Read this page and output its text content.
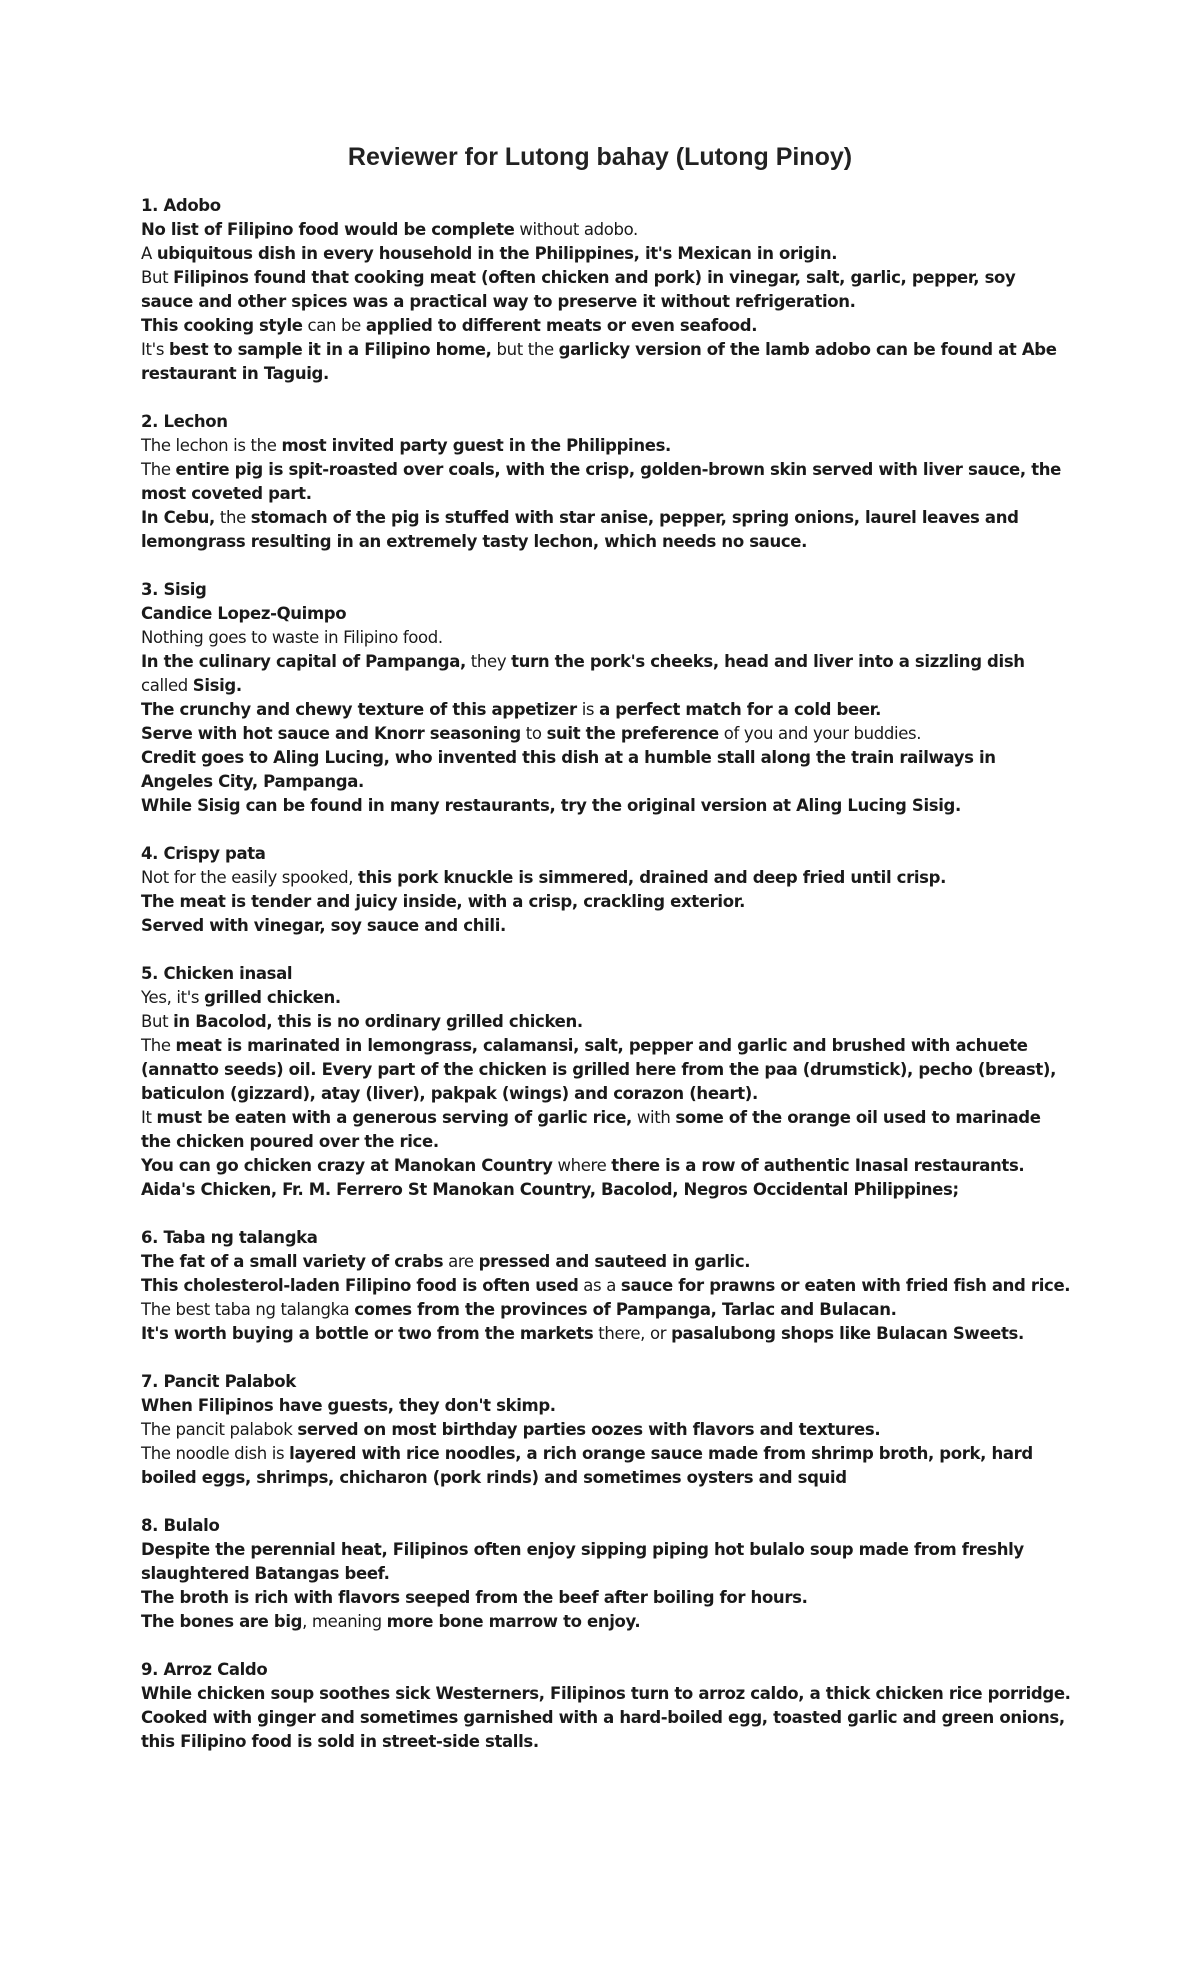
Reviewer for Lutong bahay (Lutong Pinoy)

1. Adobo

No list of Filipino food would be complete without adobo.

A ubiquitous dish in every household in the Philippines, it's Mexican in origin.

But Filipinos found that cooking meat (often chicken and pork) in vinegar, salt, garlic, pepper, soy sauce and other spices was a practical way to preserve it without refrigeration.

This cooking style can be applied to different meats or even seafood.

It's best to sample it in a Filipino home, but the garlicky version of the lamb adobo can be found at Abe restaurant in Taguig.

2. Lechon

The lechon is the most invited party guest in the Philippines.

The entire pig is spit-roasted over coals, with the crisp, golden-brown skin served with liver sauce, the most coveted part.

In Cebu, the stomach of the pig is stuffed with star anise, pepper, spring onions, laurel leaves and lemongrass resulting in an extremely tasty lechon, which needs no sauce.

3. Sisig

Candice Lopez-Quimpo

Nothing goes to waste in Filipino food.

In the culinary capital of Pampanga, they turn the pork's cheeks, head and liver into a sizzling dish called Sisig.

The crunchy and chewy texture of this appetizer is a perfect match for a cold beer.

Serve with hot sauce and Knorr seasoning to suit the preference of you and your buddies.

Credit goes to Aling Lucing, who invented this dish at a humble stall along the train railways in Angeles City, Pampanga.

While Sisig can be found in many restaurants, try the original version at Aling Lucing Sisig.

4. Crispy pata

Not for the easily spooked, this pork knuckle is simmered, drained and deep fried until crisp.

The meat is tender and juicy inside, with a crisp, crackling exterior.

Served with vinegar, soy sauce and chili.

5. Chicken inasal

Yes, it's grilled chicken.

But in Bacolod, this is no ordinary grilled chicken.

The meat is marinated in lemongrass, calamansi, salt, pepper and garlic and brushed with achuete (annatto seeds) oil. Every part of the chicken is grilled here from the paa (drumstick), pecho (breast), baticulon (gizzard), atay (liver), pakpak (wings) and corazon (heart).

It must be eaten with a generous serving of garlic rice, with some of the orange oil used to marinade the chicken poured over the rice.

You can go chicken crazy at Manokan Country where there is a row of authentic Inasal restaurants.

Aida's Chicken, Fr. M. Ferrero St Manokan Country, Bacolod, Negros Occidental Philippines;

6. Taba ng talangka

The fat of a small variety of crabs are pressed and sauteed in garlic.

This cholesterol-laden Filipino food is often used as a sauce for prawns or eaten with fried fish and rice.

The best taba ng talangka comes from the provinces of Pampanga, Tarlac and Bulacan.

It's worth buying a bottle or two from the markets there, or pasalubong shops like Bulacan Sweets.

7. Pancit Palabok

When Filipinos have guests, they don't skimp.

The pancit palabok served on most birthday parties oozes with flavors and textures.

The noodle dish is layered with rice noodles, a rich orange sauce made from shrimp broth, pork, hard boiled eggs, shrimps, chicharon (pork rinds) and sometimes oysters and squid

8. Bulalo

Despite the perennial heat, Filipinos often enjoy sipping piping hot bulalo soup made from freshly slaughtered Batangas beef.

The broth is rich with flavors seeped from the beef after boiling for hours.

The bones are big, meaning more bone marrow to enjoy.

9. Arroz Caldo

While chicken soup soothes sick Westerners, Filipinos turn to arroz caldo, a thick chicken rice porridge.

Cooked with ginger and sometimes garnished with a hard-boiled egg, toasted garlic and green onions, this Filipino food is sold in street-side stalls.
